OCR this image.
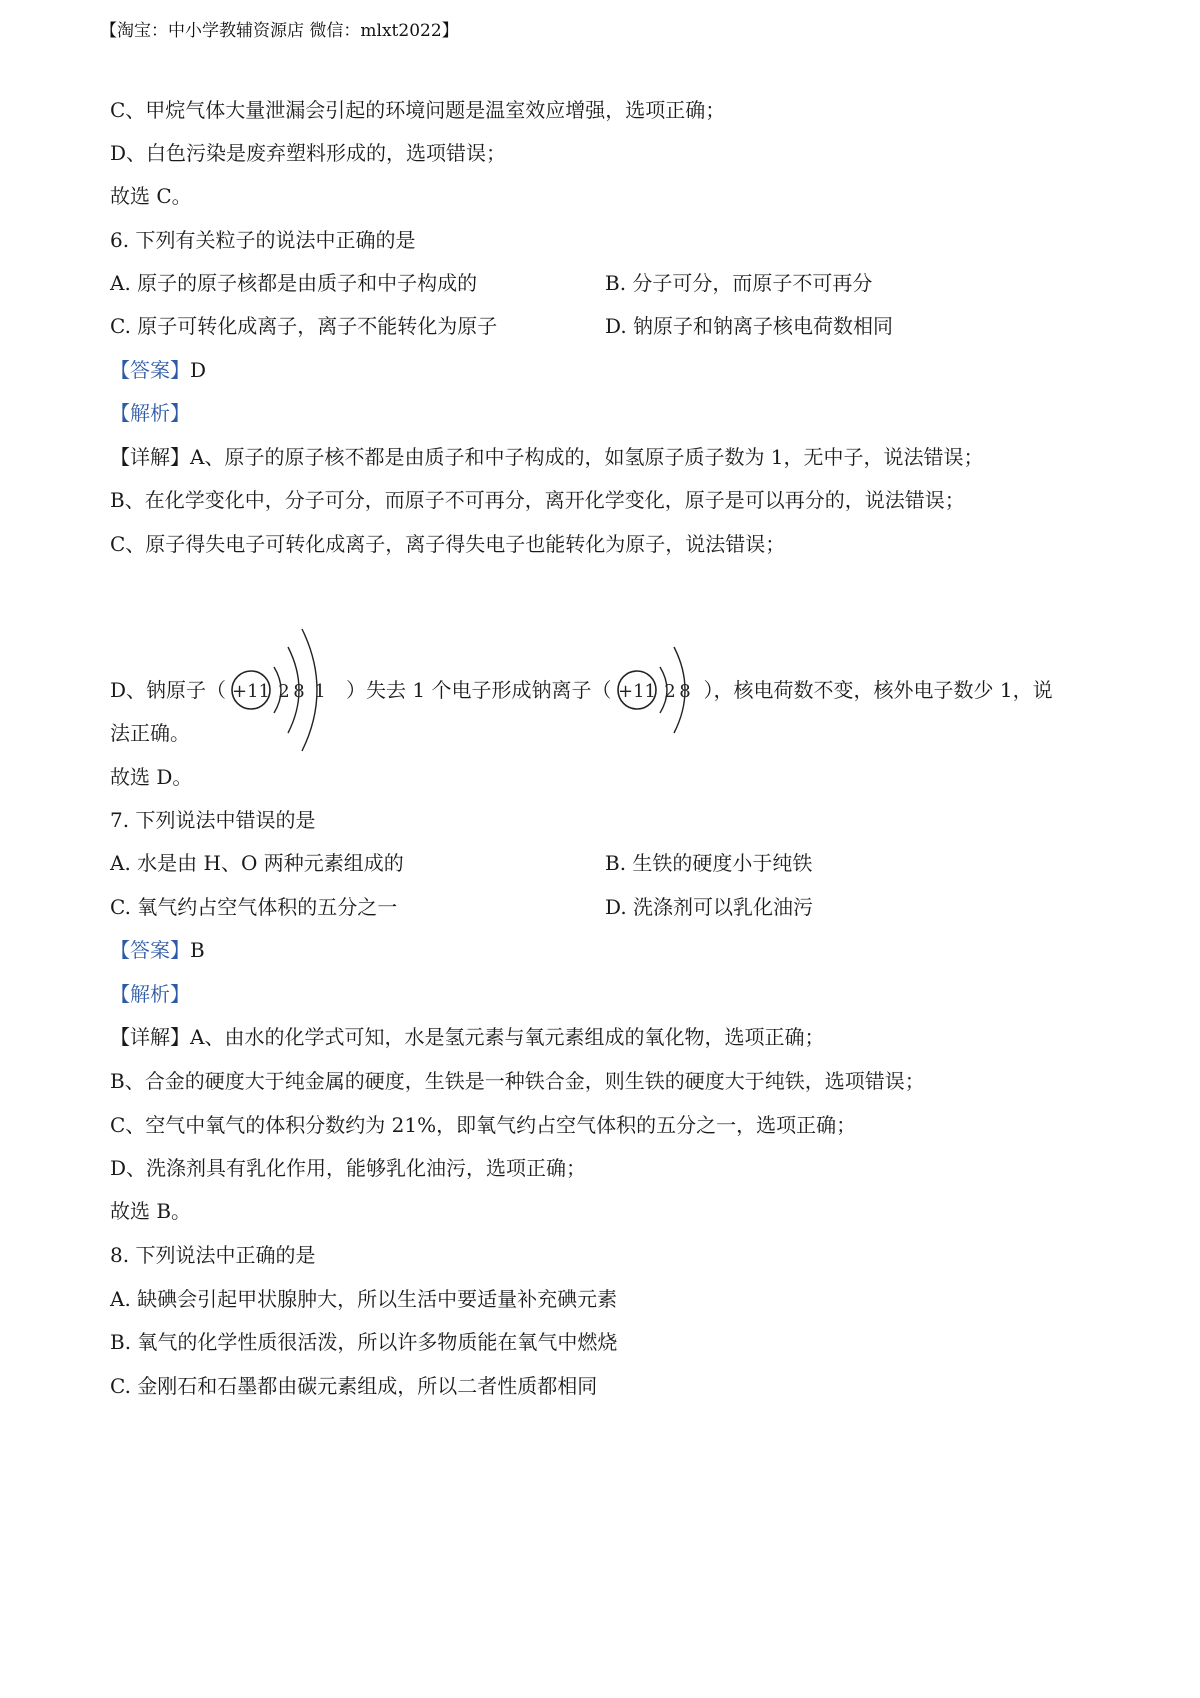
【淘宝：中小学教辅资源店 微信：mlxt2022】
C、甲烷气体大量泄漏会引起的环境问题是温室效应增强，选项正确；
D、白色污染是废弃塑料形成的，选项错误；
故选 C。
6. 下列有关粒子的说法中正确的是
A. 原子的原子核都是由质子和中子构成的	B. 分子可分，而原子不可再分
C. 原子可转化成离子，离子不能转化为原子	D. 钠原子和钠离子核电荷数相同
【答案】D
【解析】
【详解】A、原子的原子核不都是由质子和中子构成的，如氢原子质子数为 1，无中子，说法错误；
B、在化学变化中，分子可分，而原子不可再分，离开化学变化，原子是可以再分的，说法错误；
C、原子得失电子可转化成离子，离子得失电子也能转化为原子，说法错误；
D、钠原子（ +11 2 8 1 ）失去 1 个电子形成钠离子（ +11 2 8 ），核电荷数不变，核外电子数少 1，说
法正确。
故选 D。
7. 下列说法中错误的是
A. 水是由 H、O 两种元素组成的	B. 生铁的硬度小于纯铁
C. 氧气约占空气体积的五分之一	D. 洗涤剂可以乳化油污
【答案】B
【解析】
【详解】A、由水的化学式可知，水是氢元素与氧元素组成的氧化物，选项正确；
B、合金的硬度大于纯金属的硬度，生铁是一种铁合金，则生铁的硬度大于纯铁，选项错误；
C、空气中氧气的体积分数约为 21%，即氧气约占空气体积的五分之一，选项正确；
D、洗涤剂具有乳化作用，能够乳化油污，选项正确；
故选 B。
8. 下列说法中正确的是
A. 缺碘会引起甲状腺肿大，所以生活中要适量补充碘元素
B. 氧气的化学性质很活泼，所以许多物质能在氧气中燃烧
C. 金刚石和石墨都由碳元素组成，所以二者性质都相同
